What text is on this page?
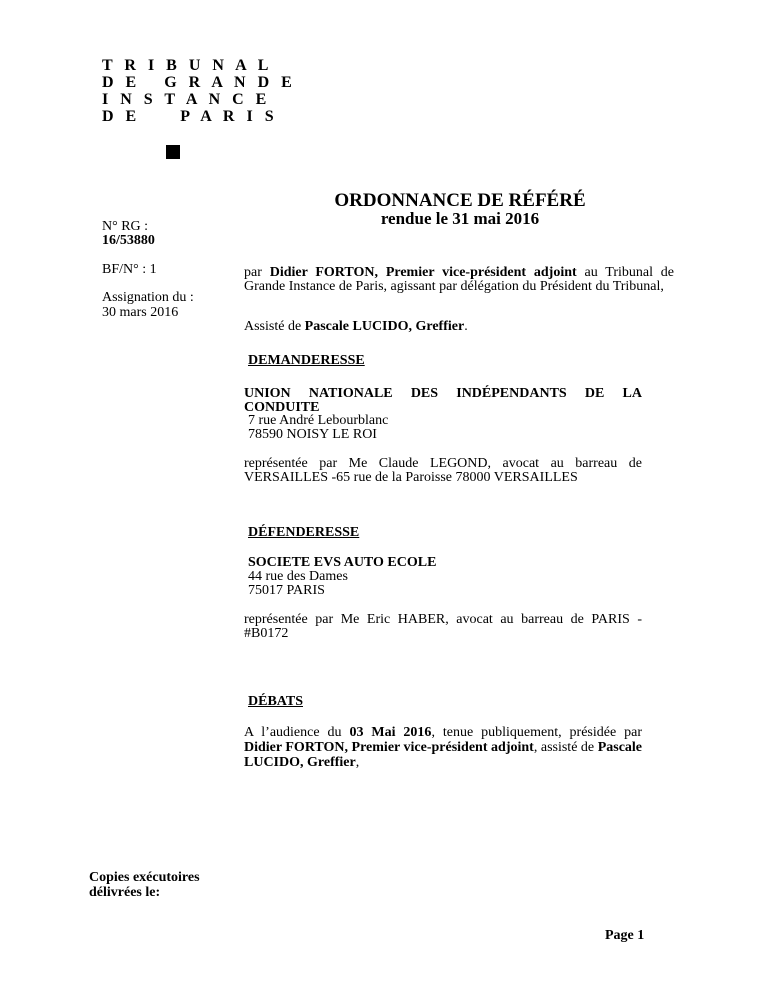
T R I B U N A L
D E   G R A N D E
I N S T A N C E
D E     P A R I S
ORDONNANCE DE RÉFÉRÉ
rendue le 31 mai 2016
N° RG :
16/53880
BF/N° : 1
Assignation du :
30 mars 2016
par Didier FORTON, Premier vice-président adjoint au Tribunal de Grande Instance de Paris, agissant par délégation du Président du Tribunal,
Assisté de Pascale LUCIDO, Greffier.
DEMANDERESSE
UNION NATIONALE DES INDÉPENDANTS DE LA CONDUITE
7 rue André Lebourblanc
78590 NOISY LE ROI
représentée par Me Claude LEGOND, avocat au barreau de VERSAILLES -65 rue de la Paroisse 78000 VERSAILLES
DÉFENDERESSE
SOCIETE EVS AUTO ECOLE
44 rue des Dames
75017 PARIS
représentée par Me Eric HABER, avocat au barreau de PARIS - #B0172
DÉBATS
A l’audience du 03 Mai 2016, tenue publiquement, présidée par Didier FORTON, Premier vice-président adjoint, assisté de Pascale LUCIDO, Greffier,
Copies exécutoires
délivrées le:
Page 1
